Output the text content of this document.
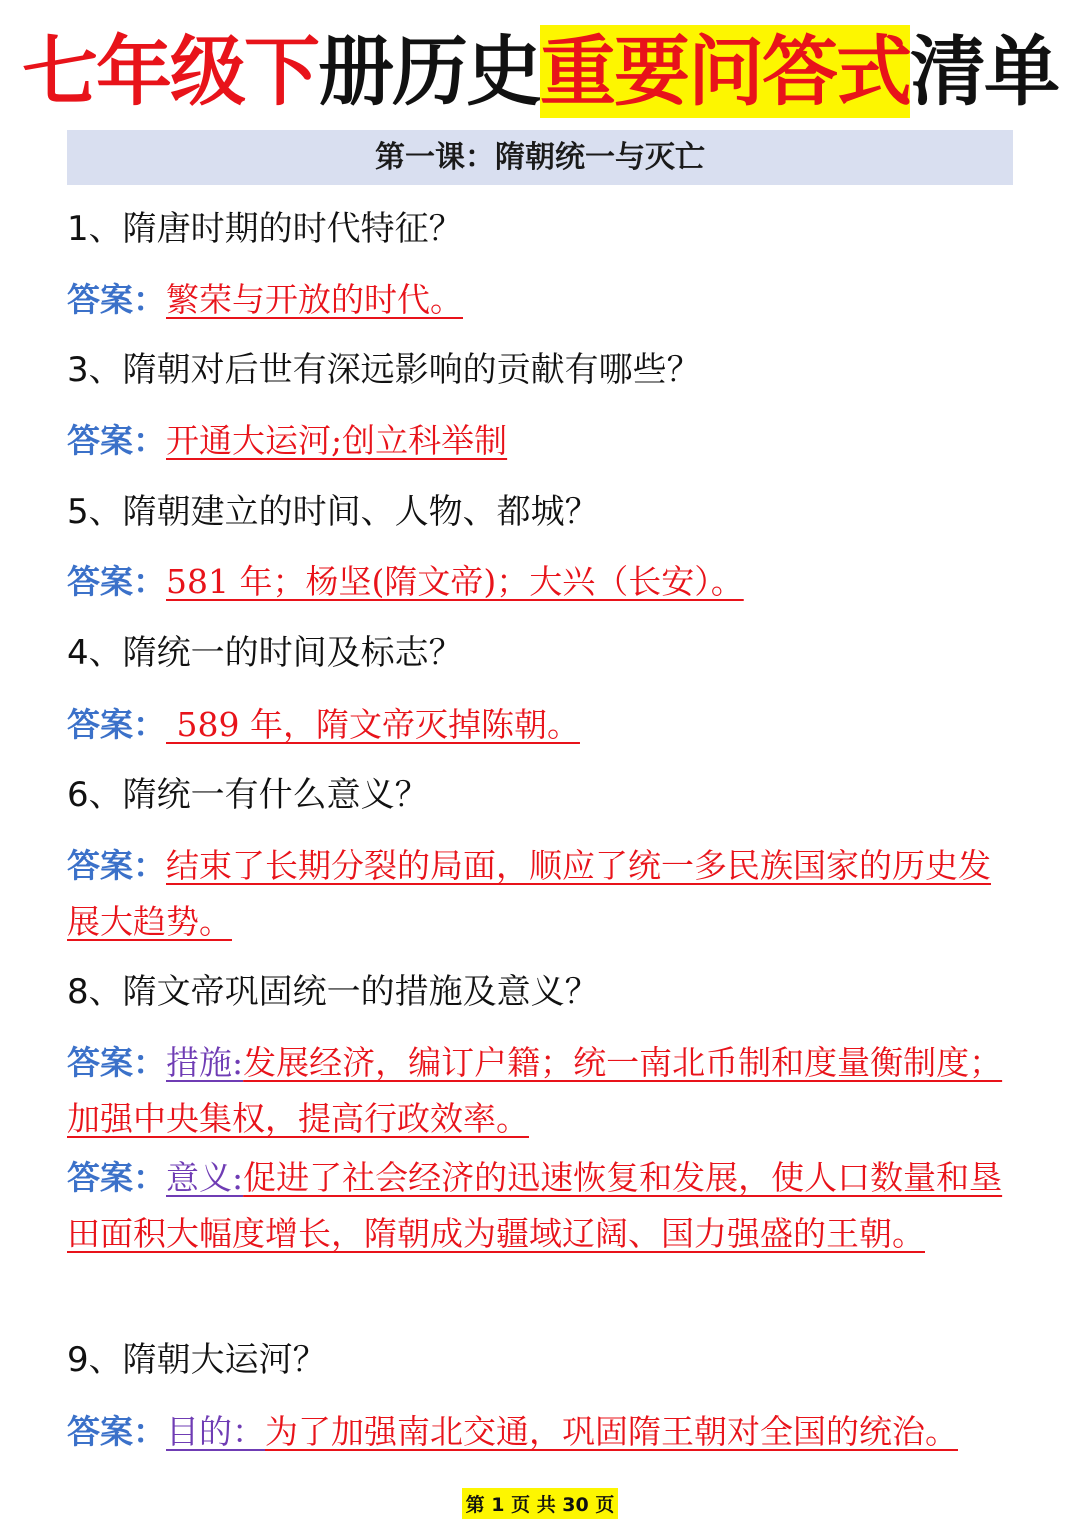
七年级下册历史重要问答式清单
第一课：隋朝统一与灭亡
1、隋唐时期的时代特征？
答案：繁荣与开放的时代。
3、隋朝对后世有深远影响的贡献有哪些？
答案：开通大运河;创立科举制
5、隋朝建立的时间、人物、都城？
答案：581 年；杨坚(隋文帝)；大兴（长安）。
4、隋统一的时间及标志？
答案： 589 年，隋文帝灭掉陈朝。
6、隋统一有什么意义？
答案：结束了长期分裂的局面，顺应了统一多民族国家的历史发展大趋势。
8、隋文帝巩固统一的措施及意义？
答案：措施:发展经济，编订户籍；统一南北币制和度量衡制度；加强中央集权，提高行政效率。
答案：意义:促进了社会经济的迅速恢复和发展，使人口数量和垦田面积大幅度增长，隋朝成为疆域辽阔、国力强盛的王朝。
9、隋朝大运河？
答案：目的：为了加强南北交通，巩固隋王朝对全国的统治。
第 1 页 共 30 页
